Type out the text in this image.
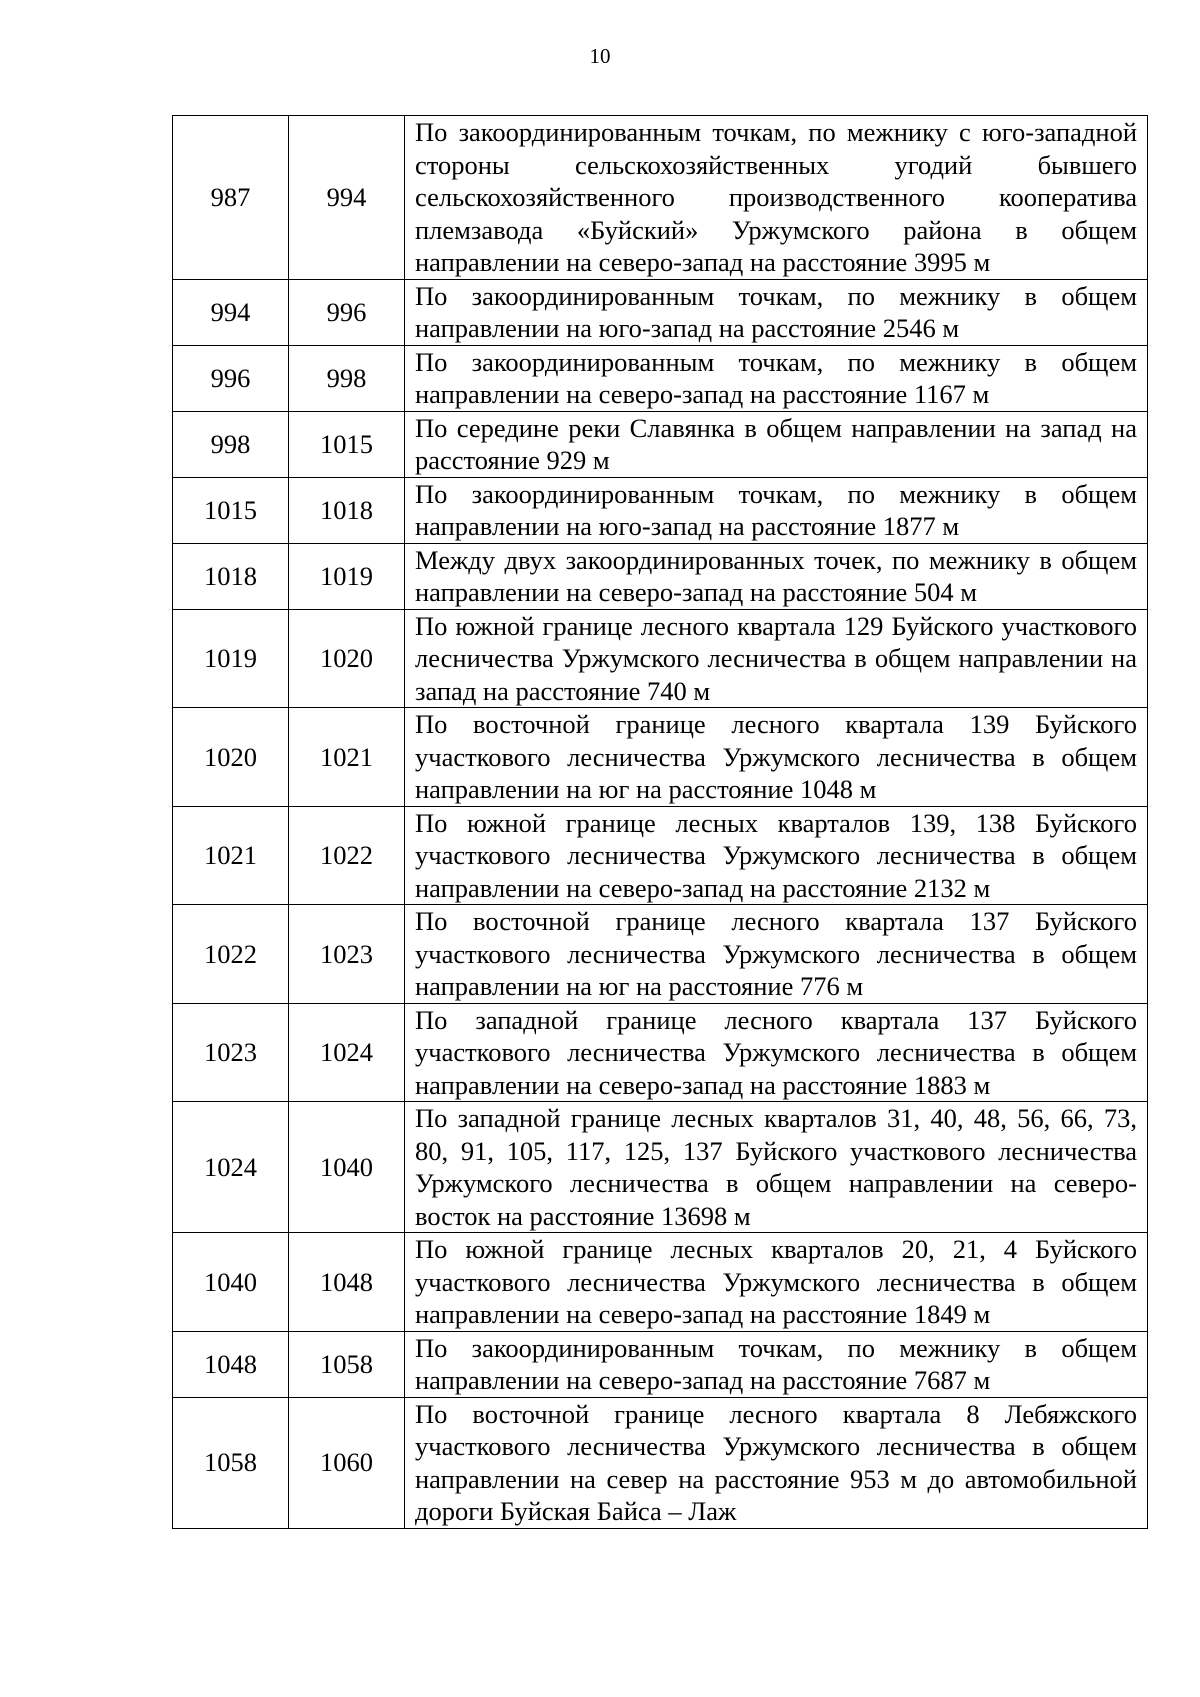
10
987	994	По закоординированным точкам, по межнику с юго-западной стороны сельскохозяйственных угодий бывшего сельскохозяйственного производственного кооператива племзавода «Буйский» Уржумского района в общем направлении на северо-запад на расстояние 3995 м
994	996	По закоординированным точкам, по межнику в общем направлении на юго-запад на расстояние 2546 м
996	998	По закоординированным точкам, по межнику в общем направлении на северо-запад на расстояние 1167 м
998	1015	По середине реки Славянка в общем направлении на запад на расстояние 929 м
1015	1018	По закоординированным точкам, по межнику в общем направлении на юго-запад на расстояние 1877 м
1018	1019	Между двух закоординированных точек, по межнику в общем направлении на северо-запад на расстояние 504 м
1019	1020	По южной границе лесного квартала 129 Буйского участкового лесничества Уржумского лесничества в общем направлении на запад на расстояние 740 м
1020	1021	По восточной границе лесного квартала 139 Буйского участкового лесничества Уржумского лесничества в общем направлении на юг на расстояние 1048 м
1021	1022	По южной границе лесных кварталов 139, 138 Буйского участкового лесничества Уржумского лесничества в общем направлении на северо-запад на расстояние 2132 м
1022	1023	По восточной границе лесного квартала 137 Буйского участкового лесничества Уржумского лесничества в общем направлении на юг на расстояние 776 м
1023	1024	По западной границе лесного квартала 137 Буйского участкового лесничества Уржумского лесничества в общем направлении на северо-запад на расстояние 1883 м
1024	1040	По западной границе лесных кварталов 31, 40, 48, 56, 66, 73, 80, 91, 105, 117, 125, 137 Буйского участкового лесничества Уржумского лесничества в общем направлении на северо-восток на расстояние 13698 м
1040	1048	По южной границе лесных кварталов 20, 21, 4 Буйского участкового лесничества Уржумского лесничества в общем направлении на северо-запад на расстояние 1849 м
1048	1058	По закоординированным точкам, по межнику в общем направлении на северо-запад на расстояние 7687 м
1058	1060	По восточной границе лесного квартала 8 Лебяжского участкового лесничества Уржумского лесничества в общем направлении на север на расстояние 953 м до автомобильной дороги Буйская Байса – Лаж
